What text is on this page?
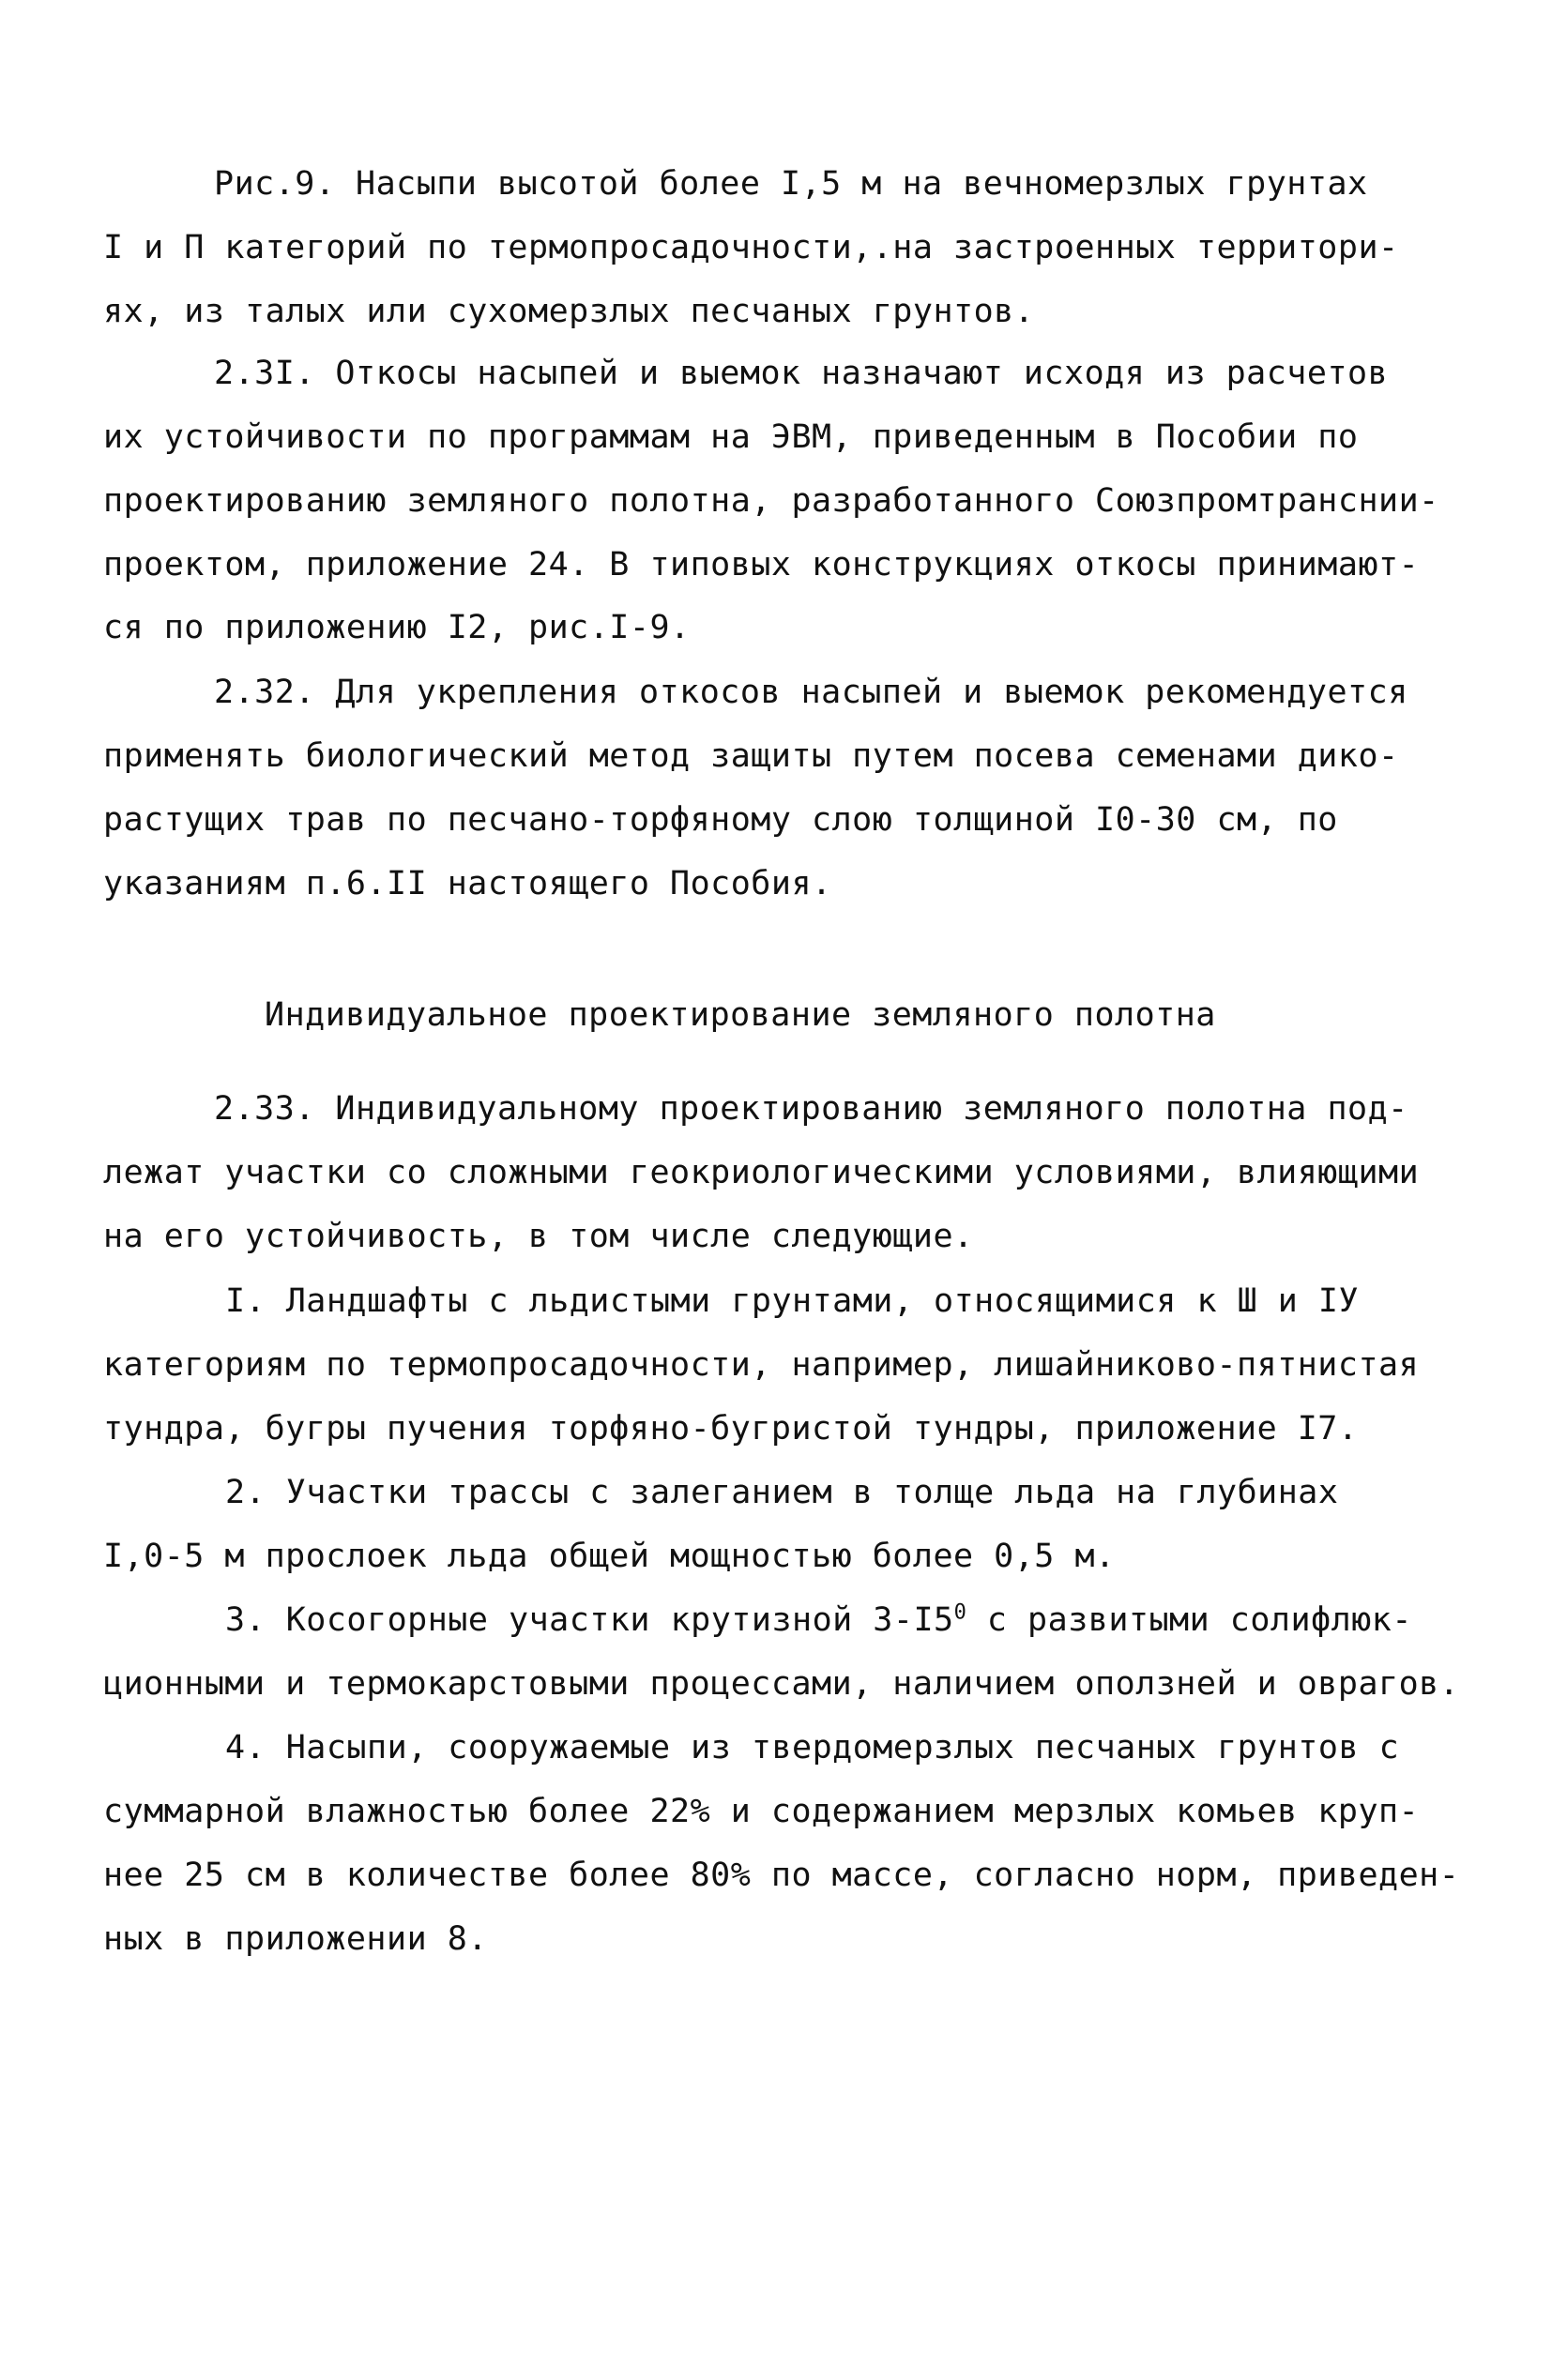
Рис.9. Насыпи высотой более I,5 м на вечномерзлых грунтах
I и П категорий по термопросадочности,.на застроенных территори-
ях, из талых или сухомерзлых песчаных грунтов.
2.3I. Откосы насыпей и выемок назначают исходя из расчетов
их устойчивости по программам на ЭВМ, приведенным в Пособии по
проектированию земляного полотна, разработанного Союзпромтранснии-
проектом, приложение 24. В типовых конструкциях откосы принимают-
ся по приложению I2, рис.I-9.
2.32. Для укрепления откосов насыпей и выемок рекомендуется
применять биологический метод защиты путем посева семенами дико-
растущих трав по песчано-торфяному слою толщиной I0-30 см, по
указаниям п.6.II настоящего Пособия.
Индивидуальное проектирование земляного полотна
2.33. Индивидуальному проектированию земляного полотна под-
лежат участки со сложными геокриологическими условиями, влияющими
на его устойчивость, в том числе следующие.
I. Ландшафты с льдистыми грунтами, относящимися к Ш и IУ
категориям по термопросадочности, например, лишайниково-пятнистая
тундра, бугры пучения торфяно-бугристой тундры, приложение I7.
2. Участки трассы с залеганием в толще льда на глубинах
I,0-5 м прослоек льда общей мощностью более 0,5 м.
3. Косогорные участки крутизной $3-I5^0$ с развитыми солифлюк-
ционными и термокарстовыми процессами, наличием оползней и оврагов.
4. Насыпи, сооружаемые из твердомерзлых песчаных грунтов с
суммарной влажностью более 22% и содержанием мерзлых комьев круп-
нее 25 см в количестве более 80% по массе, согласно норм, приведен-
ных в приложении 8.
